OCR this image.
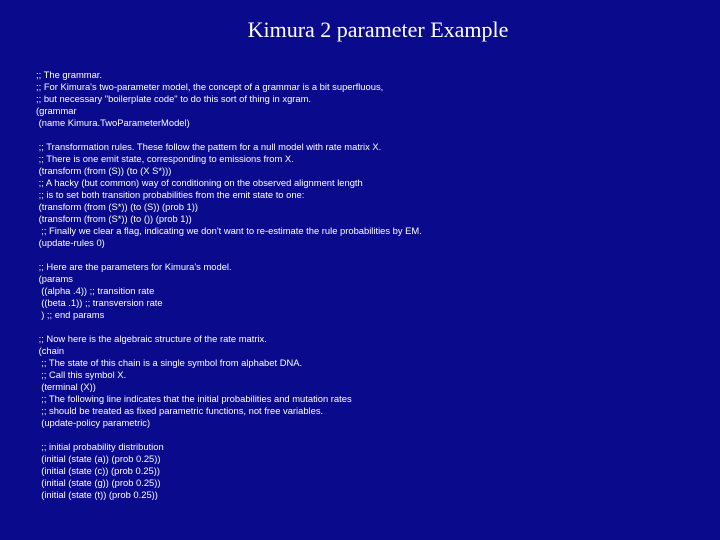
Kimura 2 parameter Example
;; The grammar.
;; For Kimura's two-parameter model, the concept of a grammar is a bit superfluous,
;; but necessary "boilerplate code" to do this sort of thing in xgram.
(grammar
(name Kimura.TwoParameterModel)
;; Transformation rules. These follow the pattern for a null model with rate matrix X.
;; There is one emit state, corresponding to emissions from X.
(transform (from (S)) (to (X S*)))
;; A hacky (but common) way of conditioning on the observed alignment length
;; is to set both transition probabilities from the emit state to one:
(transform (from (S*)) (to (S)) (prob 1))
(transform (from (S*)) (to ()) (prob 1))
;; Finally we clear a flag, indicating we don't want to re-estimate the rule probabilities by EM.
(update-rules 0)
;; Here are the parameters for Kimura's model.
(params
((alpha .4)) ;; transition rate
((beta .1)) ;; transversion rate
) ;; end params
;; Now here is the algebraic structure of the rate matrix.
(chain
;; The state of this chain is a single symbol from alphabet DNA.
;; Call this symbol X.
(terminal (X))
;; The following line indicates that the initial probabilities and mutation rates
;; should be treated as fixed parametric functions, not free variables.
(update-policy parametric)
;; initial probability distribution
(initial (state (a)) (prob 0.25))
(initial (state (c)) (prob 0.25))
(initial (state (g)) (prob 0.25))
(initial (state (t)) (prob 0.25))
